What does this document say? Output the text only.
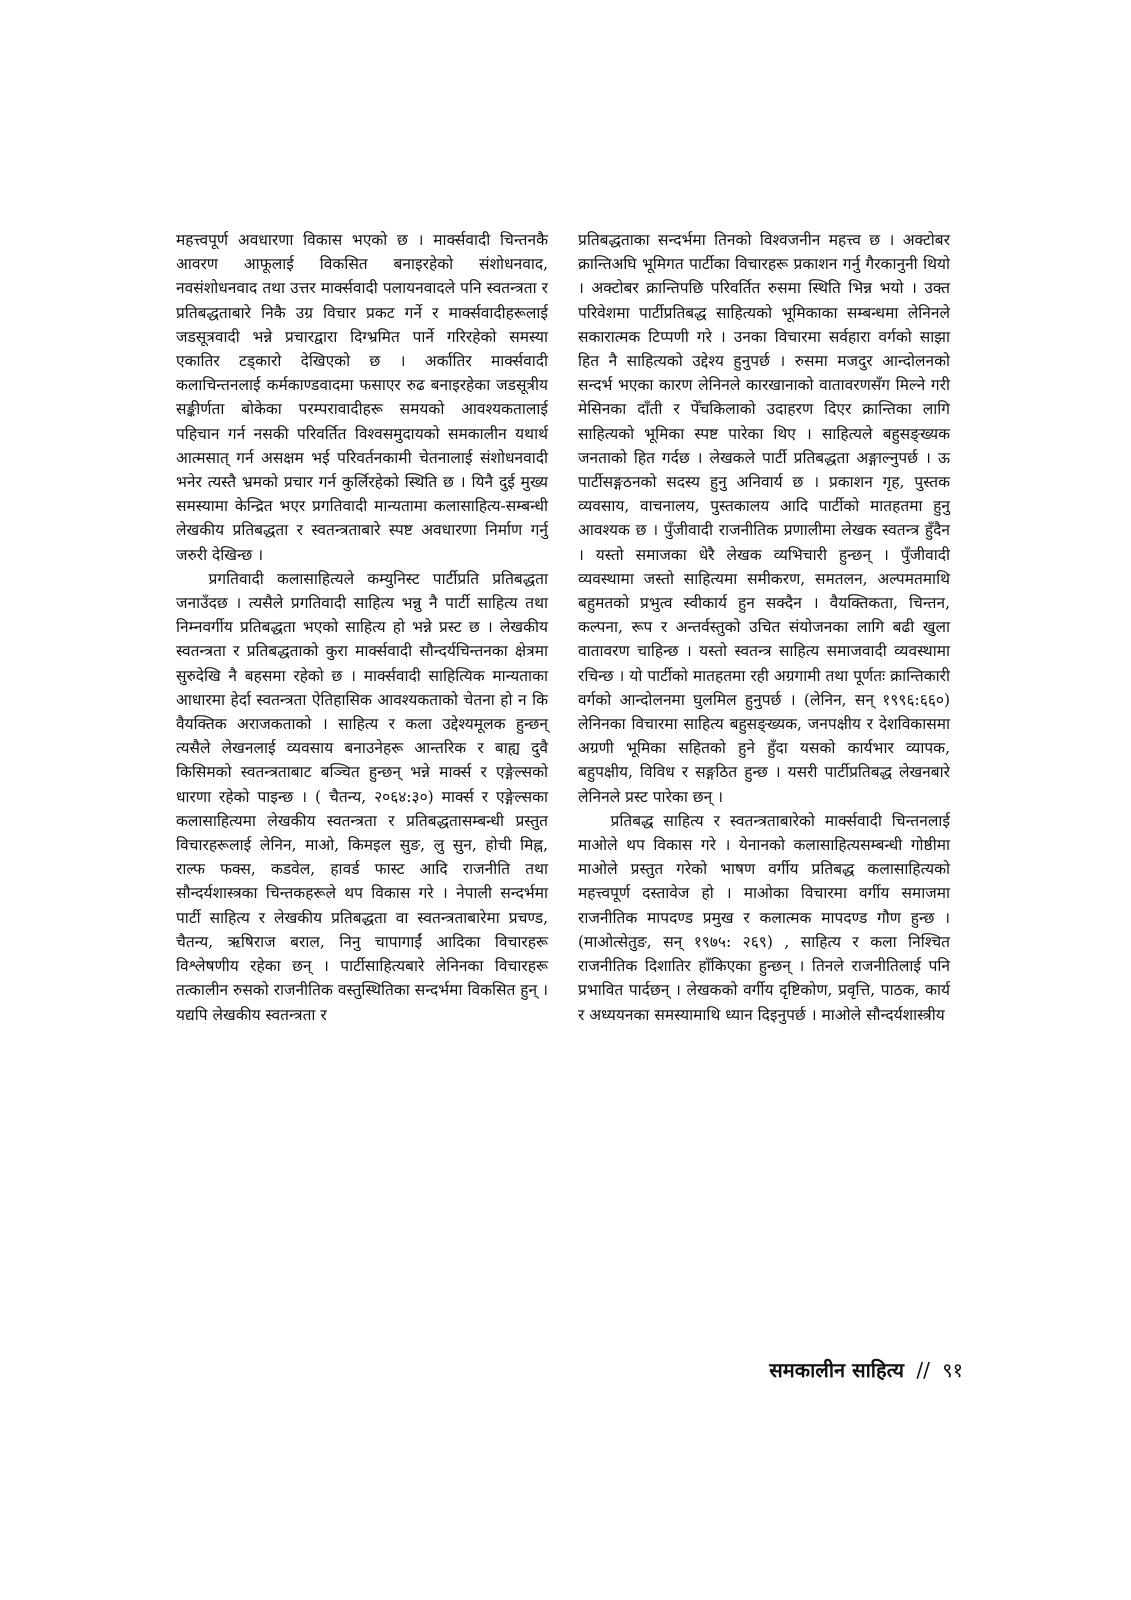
महत्त्वपूर्ण अवधारणा विकास भएको छ । मार्क्सवादी चिन्तनकै आवरण आफूलाई विकसित बनाइरहेको संशोधनवाद, नवसंशोधनवाद तथा उत्तर मार्क्सवादी पलायनवादले पनि स्वतन्त्रता र प्रतिबद्धताबारे निकै उग्र विचार प्रकट गर्ने र मार्क्सवादीहरूलाई जडसूत्रवादी भन्ने प्रचारद्वारा दिग्भ्रमित पार्ने गरिरहेको समस्या एकातिर टड्कारो देखिएको छ । अर्कातिर मार्क्सवादी कलाचिन्तनलाई कर्मकाण्डवादमा फसाएर रुढ बनाइरहेका जडसूत्रीय सङ्कीर्णता बोकेका परम्परावादीहरू समयको आवश्यकतालाई पहिचान गर्न नसकी परिवर्तित विश्वसमुदायको समकालीन यथार्थ आत्मसात् गर्न असक्षम भई परिवर्तनकामी चेतनालाई संशोधनवादी भनेर त्यस्तै भ्रमको प्रचार गर्न कुर्लिरहेको स्थिति छ । यिनै दुई मुख्य समस्यामा केन्द्रित भएर प्रगतिवादी मान्यतामा कलासाहित्य-सम्बन्धी लेखकीय प्रतिबद्धता र स्वतन्त्रताबारे स्पष्ट अवधारणा निर्माण गर्नु जरुरी देखिन्छ ।

प्रगतिवादी कलासाहित्यले कम्युनिस्ट पार्टीप्रति प्रतिबद्धता जनाउँदछ । त्यसैले प्रगतिवादी साहित्य भन्नु नै पार्टी साहित्य तथा निम्नवर्गीय प्रतिबद्धता भएको साहित्य हो भन्ने प्रस्ट छ । लेखकीय स्वतन्त्रता र प्रतिबद्धताको कुरा मार्क्सवादी सौन्दर्यचिन्तनका क्षेत्रमा सुरुदेखि नै बहसमा रहेको छ । मार्क्सवादी साहित्यिक मान्यताका आधारमा हेर्दा स्वतन्त्रता ऐतिहासिक आवश्यकताको चेतना हो न कि वैयक्तिक अराजकताको । साहित्य र कला उद्देश्यमूलक हुन्छन् त्यसैले लेखनलाई व्यवसाय बनाउनेहरू आन्तरिक र बाह्य दुवै किसिमको स्वतन्त्रताबाट बञ्चित हुन्छन् भन्ने मार्क्स र एङ्गेल्सको धारणा रहेको पाइन्छ । ( चैतन्य, २०६४:३०) मार्क्स र एङ्गेल्सका कलासाहित्यमा लेखकीय स्वतन्त्रता र प्रतिबद्धतासम्बन्धी प्रस्तुत विचारहरूलाई लेनिन, माओ, किमइल सुङ, लु सुन, होची मिह्न, राल्फ फक्स, कडवेल, हावर्ड फास्ट आदि राजनीति तथा सौन्दर्यशास्त्रका चिन्तकहरूले थप विकास गरे । नेपाली सन्दर्भमा पार्टी साहित्य र लेखकीय प्रतिबद्धता वा स्वतन्त्रताबारेमा प्रचण्ड, चैतन्य, ऋषिराज बराल, निनु चापागाईं आदिका विचारहरू विश्लेषणीय रहेका छन् । पार्टीसाहित्यबारे लेनिनका विचारहरू तत्कालीन रुसको राजनीतिक वस्तुस्थितिका सन्दर्भमा विकसित हुन् । यद्यपि लेखकीय स्वतन्त्रता र

प्रतिबद्धताका सन्दर्भमा तिनको विश्वजनीन महत्त्व छ । अक्टोबर क्रान्तिअघि भूमिगत पार्टीका विचारहरू प्रकाशन गर्नु गैरकानुनी थियो । अक्टोबर क्रान्तिपछि परिवर्तित रुसमा स्थिति भिन्न भयो । उक्त परिवेशमा पार्टीप्रतिबद्ध साहित्यको भूमिकाका सम्बन्धमा लेनिनले सकारात्मक टिप्पणी गरे । उनका विचारमा सर्वहारा वर्गको साझा हित नै साहित्यको उद्देश्य हुनुपर्छ । रुसमा मजदुर आन्दोलनको सन्दर्भ भएका कारण लेनिनले कारखानाको वातावरणसँग मिल्ने गरी मेसिनका दाँती र पेँचकिलाको उदाहरण दिएर क्रान्तिका लागि साहित्यको भूमिका स्पष्ट पारेका थिए । साहित्यले बहुसङ्ख्यक जनताको हित गर्दछ । लेखकले पार्टी प्रतिबद्धता अङ्गाल्नुपर्छ । ऊ पार्टीसङ्गठनको सदस्य हुनु अनिवार्य छ । प्रकाशन गृह, पुस्तक व्यवसाय, वाचनालय, पुस्तकालय आदि पार्टीको मातहतमा हुनु आवश्यक छ । पुँजीवादी राजनीतिक प्रणालीमा लेखक स्वतन्त्र हुँदैन । यस्तो समाजका धेरै लेखक व्यभिचारी हुन्छन् । पुँजीवादी व्यवस्थामा जस्तो साहित्यमा समीकरण, समतलन, अल्पमतमाथि बहुमतको प्रभुत्व स्वीकार्य हुन सक्दैन । वैयक्तिकता, चिन्तन, कल्पना, रूप र अन्तर्वस्तुको उचित संयोजनका लागि बढी खुला वातावरण चाहिन्छ । यस्तो स्वतन्त्र साहित्य समाजवादी व्यवस्थामा रचिन्छ । यो पार्टीको मातहतमा रही अग्रगामी तथा पूर्णतः क्रान्तिकारी वर्गको आन्दोलनमा घुलमिल हुनुपर्छ । (लेनिन, सन् १९९६:६६०) लेनिनका विचारमा साहित्य बहुसङ्ख्यक, जनपक्षीय र देशविकासमा अग्रणी भूमिका सहितको हुने हुँदा यसको कार्यभार व्यापक, बहुपक्षीय, विविध र सङ्गठित हुन्छ । यसरी पार्टीप्रतिबद्ध लेखनबारे लेनिनले प्रस्ट पारेका छन् ।

प्रतिबद्ध साहित्य र स्वतन्त्रताबारेको मार्क्सवादी चिन्तनलाई माओले थप विकास गरे । येनानको कलासाहित्यसम्बन्धी गोष्ठीमा माओले प्रस्तुत गरेको भाषण वर्गीय प्रतिबद्ध कलासाहित्यको महत्त्वपूर्ण दस्तावेज हो । माओका विचारमा वर्गीय समाजमा राजनीतिक मापदण्ड प्रमुख र कलात्मक मापदण्ड गौण हुन्छ । (माओत्सेतुङ, सन् १९७५: २६९) , साहित्य र कला निश्चित राजनीतिक दिशातिर हाँकिएका हुन्छन् । तिनले राजनीतिलाई पनि प्रभावित पार्दछन् । लेखकको वर्गीय दृष्टिकोण, प्रवृत्ति, पाठक, कार्य र अध्ययनका समस्यामाथि ध्यान दिइनुपर्छ । माओले सौन्दर्यशास्त्रीय

समकालीन साहित्य // ९१
